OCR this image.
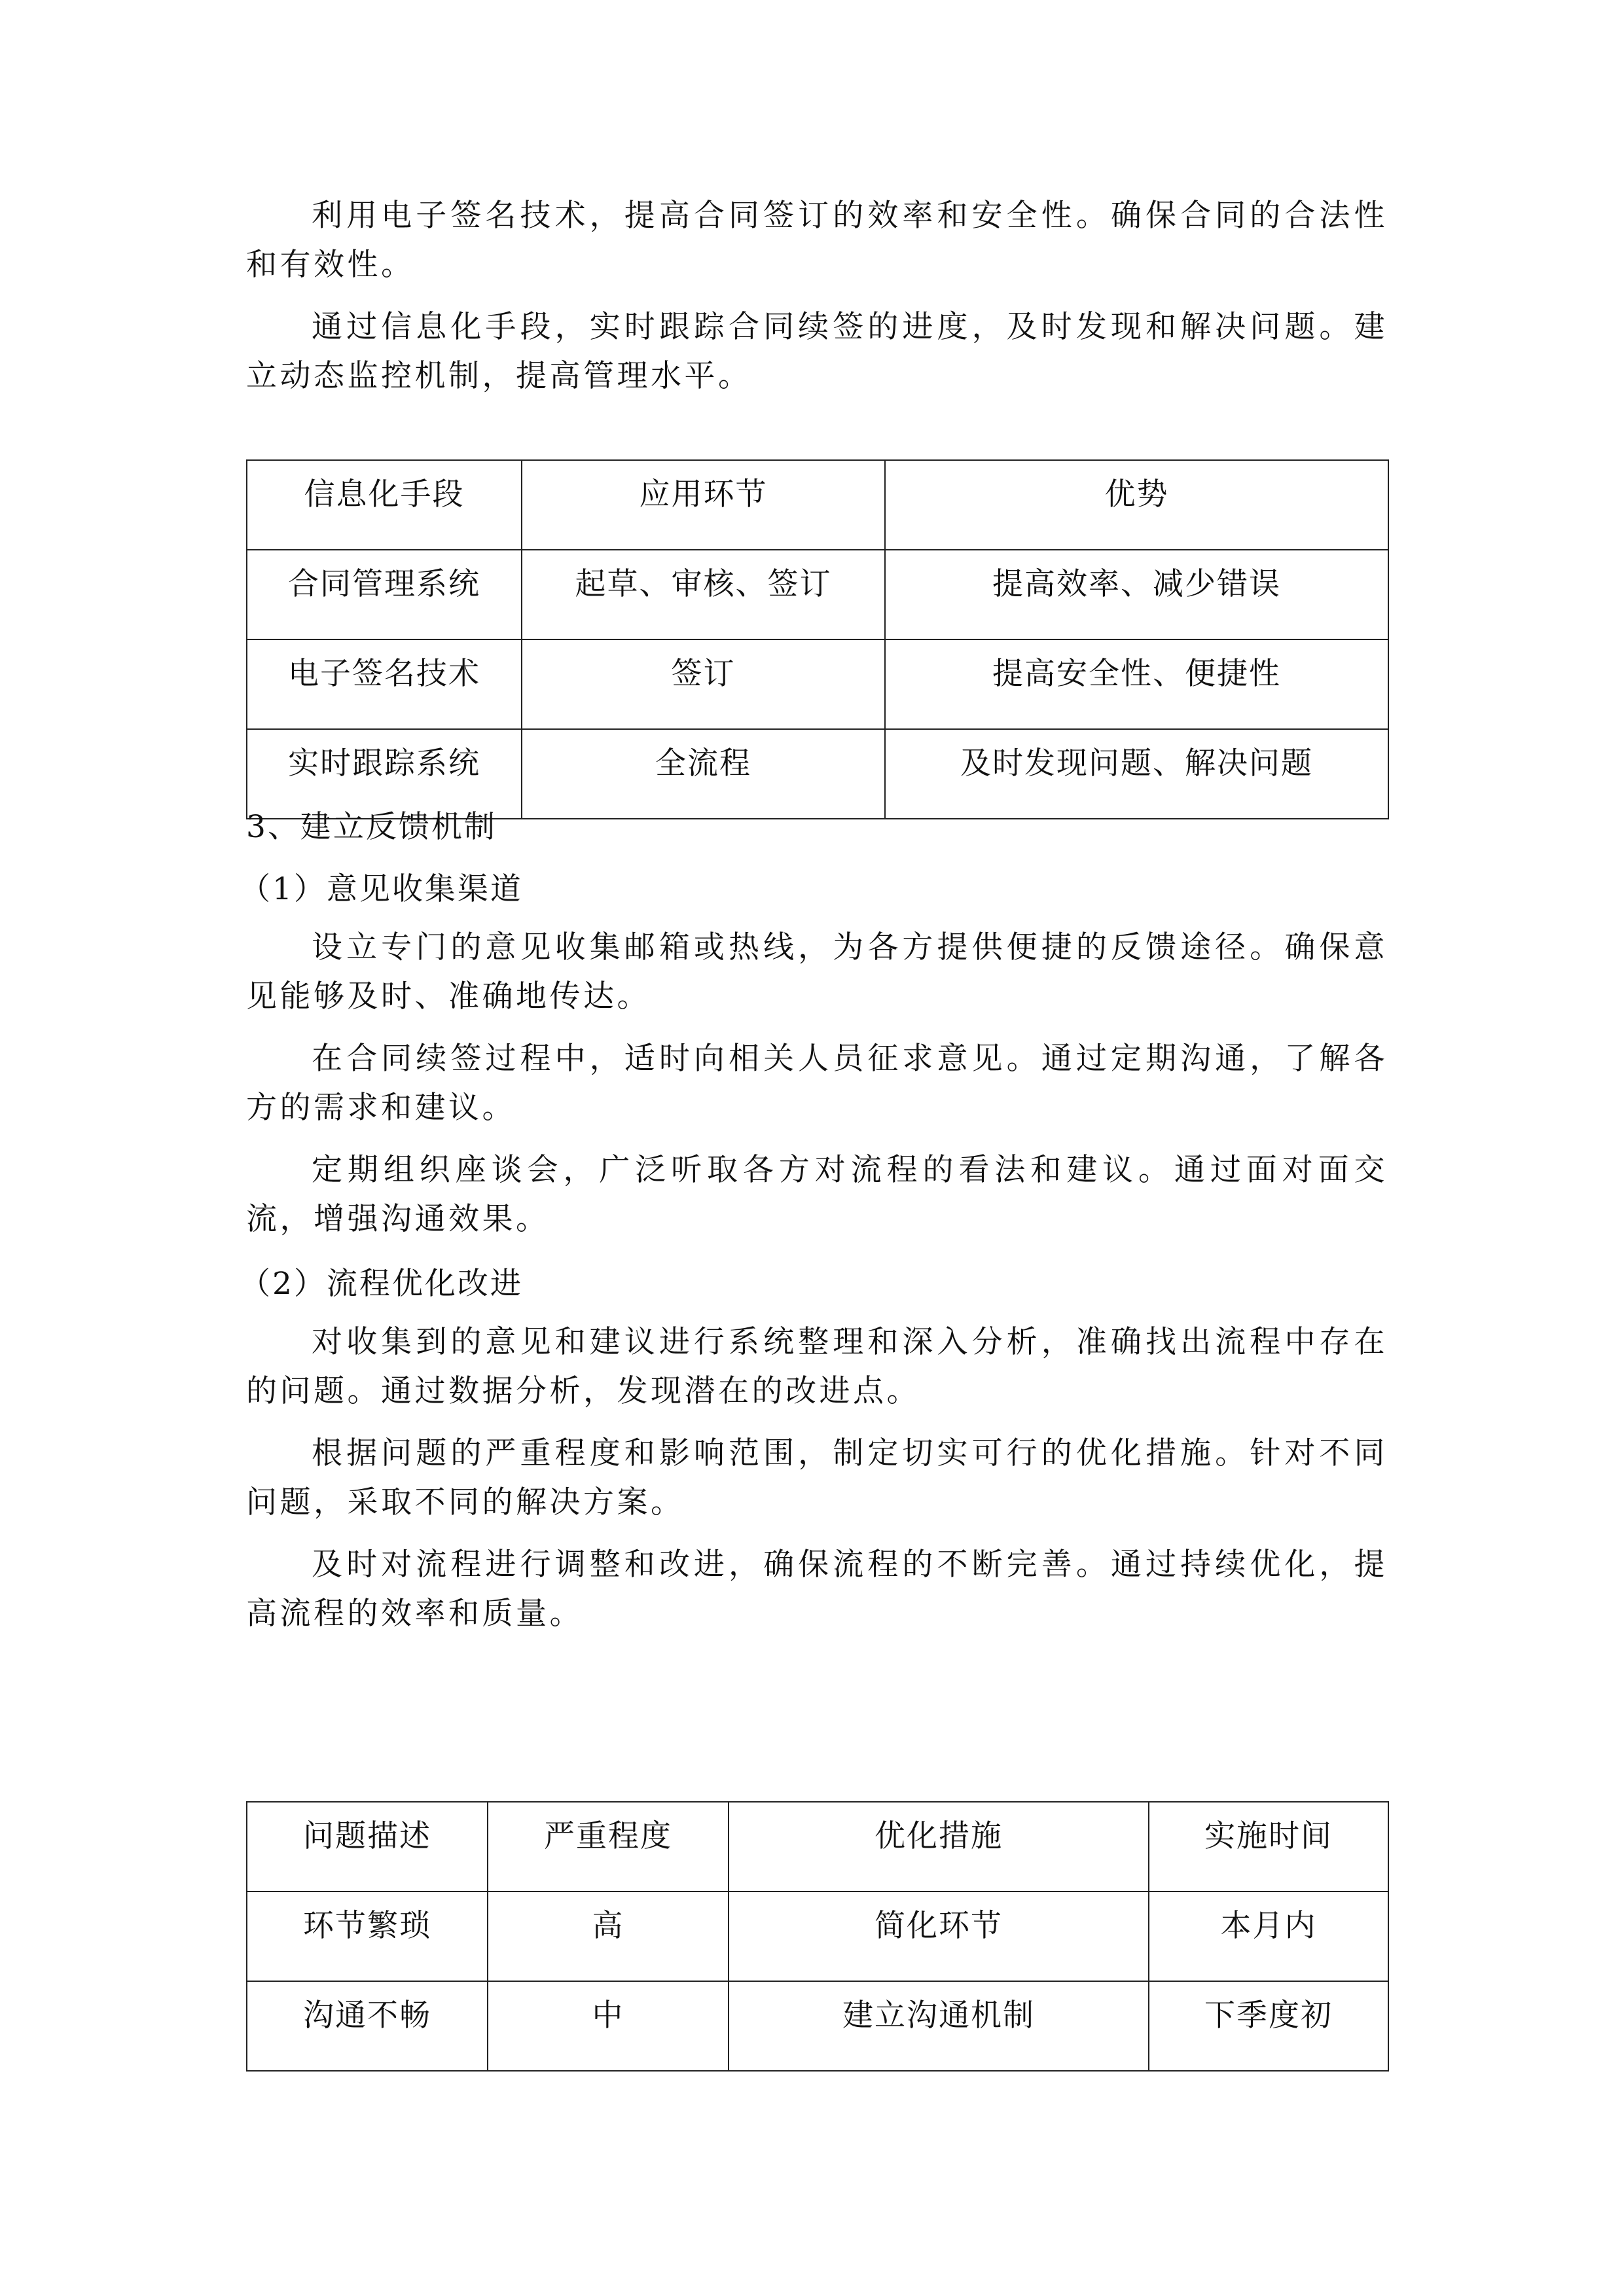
利用电子签名技术，提高合同签订的效率和安全性。确保合同的合法性和有效性。

通过信息化手段，实时跟踪合同续签的进度，及时发现和解决问题。建立动态监控机制，提高管理水平。

信息化手段	应用环节	优势
合同管理系统	起草、审核、签订	提高效率、减少错误
电子签名技术	签订	提高安全性、便捷性
实时跟踪系统	全流程	及时发现问题、解决问题

3、建立反馈机制

（1）意见收集渠道

设立专门的意见收集邮箱或热线，为各方提供便捷的反馈途径。确保意见能够及时、准确地传达。

在合同续签过程中，适时向相关人员征求意见。通过定期沟通，了解各方的需求和建议。

定期组织座谈会，广泛听取各方对流程的看法和建议。通过面对面交流，增强沟通效果。

（2）流程优化改进

对收集到的意见和建议进行系统整理和深入分析，准确找出流程中存在的问题。通过数据分析，发现潜在的改进点。

根据问题的严重程度和影响范围，制定切实可行的优化措施。针对不同问题，采取不同的解决方案。

及时对流程进行调整和改进，确保流程的不断完善。通过持续优化，提高流程的效率和质量。

问题描述	严重程度	优化措施	实施时间
环节繁琐	高	简化环节	本月内
沟通不畅	中	建立沟通机制	下季度初
